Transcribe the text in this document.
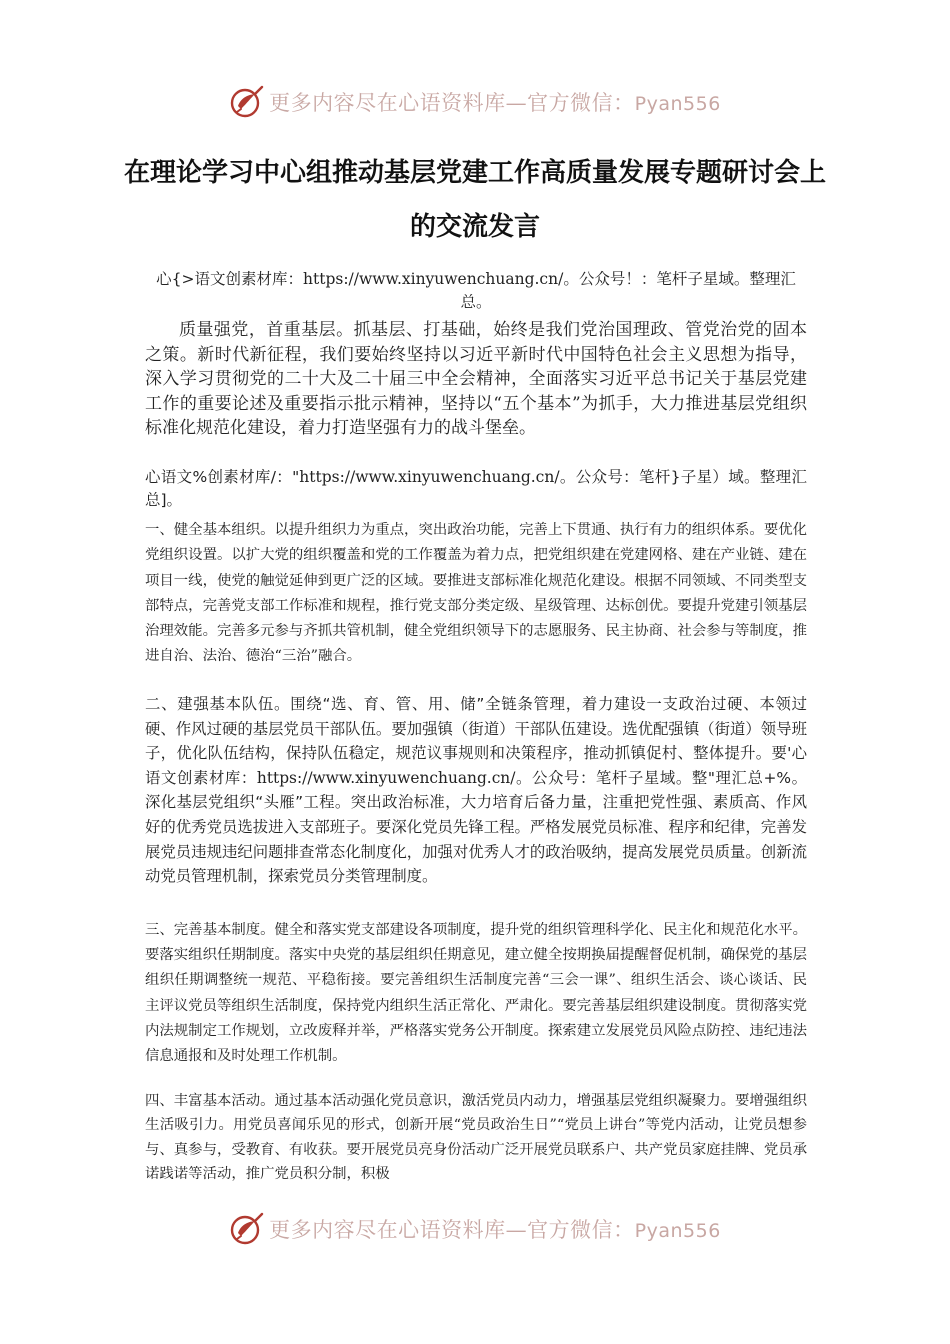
更多内容尽在心语资料库—官方微信：Pyan556
在理论学习中心组推动基层党建工作高质量发展专题研讨会上的交流发言

心{>语文创素材库：https://www.xinyuwenchuang.cn/。公众号！：笔杆子星域。整理汇总。

质量强党，首重基层。抓基层、打基础，始终是我们党治国理政、管党治党的固本之策。新时代新征程，我们要始终坚持以习近平新时代中国特色社会主义思想为指导，深入学习贯彻党的二十大及二十届三中全会精神，全面落实习近平总书记关于基层党建工作的重要论述及重要指示批示精神，坚持以“五个基本”为抓手，大力推进基层党组织标准化规范化建设，着力打造坚强有力的战斗堡垒。

心语文%创素材库/："https://www.xinyuwenchuang.cn/。公众号：笔杆}子星）域。整理汇总]。

一、健全基本组织。以提升组织力为重点，突出政治功能，完善上下贯通、执行有力的组织体系。要优化党组织设置。以扩大党的组织覆盖和党的工作覆盖为着力点，把党组织建在党建网格、建在产业链、建在项目一线，使党的触觉延伸到更广泛的区域。要推进支部标准化规范化建设。根据不同领域、不同类型支部特点，完善党支部工作标准和规程，推行党支部分类定级、星级管理、达标创优。要提升党建引领基层治理效能。完善多元参与齐抓共管机制，健全党组织领导下的志愿服务、民主协商、社会参与等制度，推进自治、法治、德治“三治”融合。

二、建强基本队伍。围绕“选、育、管、用、储”全链条管理，着力建设一支政治过硬、本领过硬、作风过硬的基层党员干部队伍。要加强镇（街道）干部队伍建设。选优配强镇（街道）领导班子，优化队伍结构，保持队伍稳定，规范议事规则和决策程序，推动抓镇促村、整体提升。要'心语文创素材库：https://www.xinyuwenchuang.cn/。公众号：笔杆子星域。整"理汇总+%。深化基层党组织“头雁”工程。突出政治标准，大力培育后备力量，注重把党性强、素质高、作风好的优秀党员选拔进入支部班子。要深化党员先锋工程。严格发展党员标准、程序和纪律，完善发展党员违规违纪问题排查常态化制度化，加强对优秀人才的政治吸纳，提高发展党员质量。创新流动党员管理机制，探索党员分类管理制度。

三、完善基本制度。健全和落实党支部建设各项制度，提升党的组织管理科学化、民主化和规范化水平。要落实组织任期制度。落实中央党的基层组织任期意见，建立健全按期换届提醒督促机制，确保党的基层组织任期调整统一规范、平稳衔接。要完善组织生活制度完善“三会一课”、组织生活会、谈心谈话、民主评议党员等组织生活制度，保持党内组织生活正常化、严肃化。要完善基层组织建设制度。贯彻落实党内法规制定工作规划，立改废释并举，严格落实党务公开制度。探索建立发展党员风险点防控、违纪违法信息通报和及时处理工作机制。

四、丰富基本活动。通过基本活动强化党员意识，激活党员内动力，增强基层党组织凝聚力。要增强组织生活吸引力。用党员喜闻乐见的形式，创新开展“党员政治生日”“党员上讲台”等党内活动，让党员想参与、真参与，受教育、有收获。要开展党员亮身份活动广泛开展党员联系户、共产党员家庭挂牌、党员承诺践诺等活动，推广党员积分制，积极

更多内容尽在心语资料库—官方微信：Pyan556
